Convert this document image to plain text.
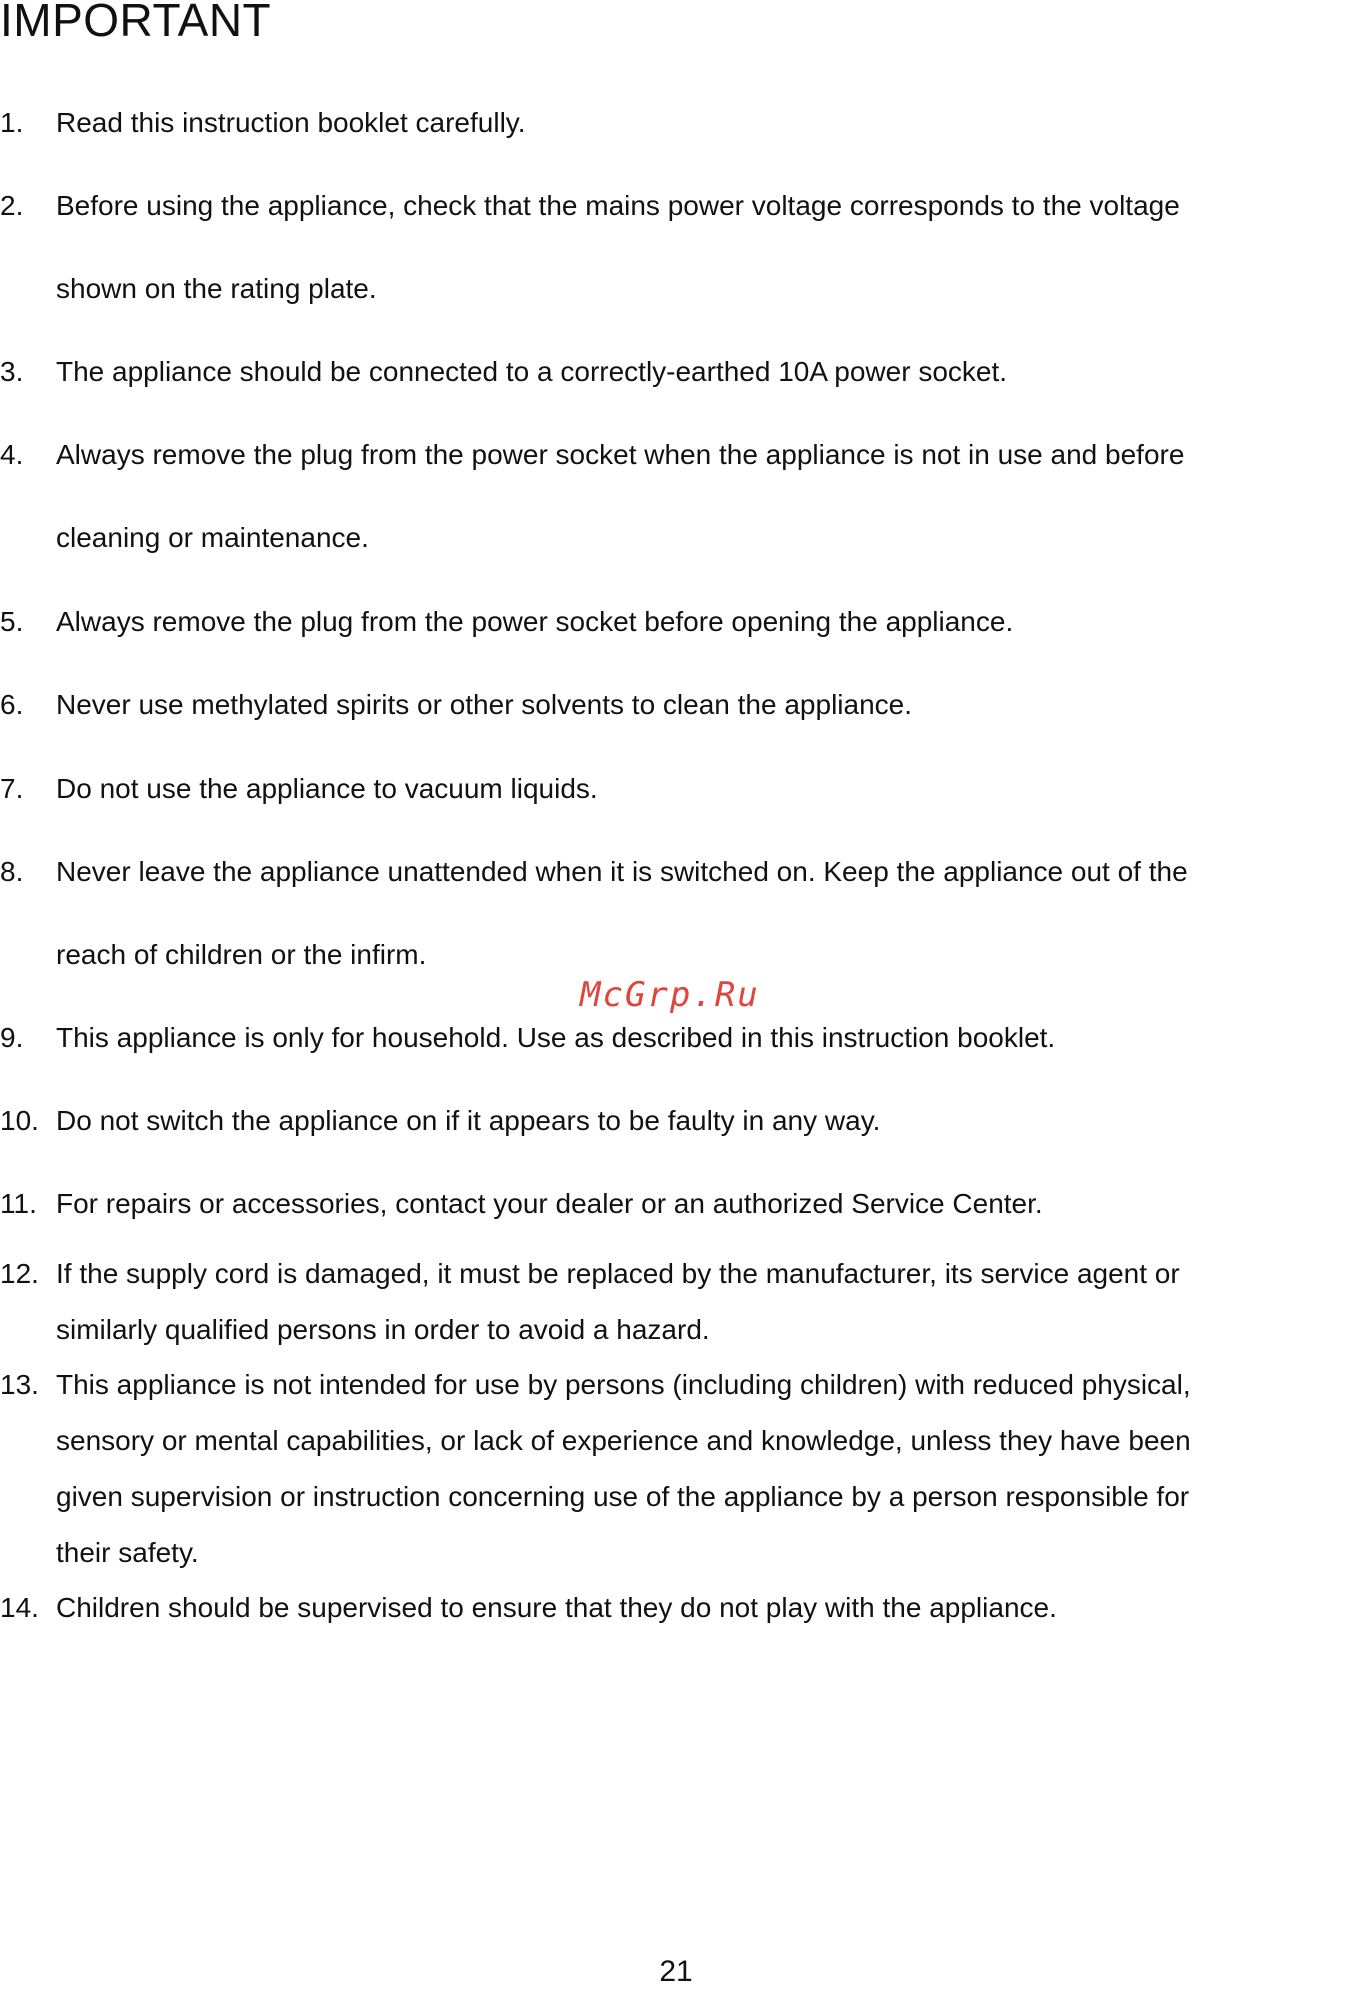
IMPORTANT
1. Read this instruction booklet carefully.
2. Before using the appliance, check that the mains power voltage corresponds to the voltage
shown on the rating plate.
3. The appliance should be connected to a correctly-earthed 10A power socket.
4. Always remove the plug from the power socket when the appliance is not in use and before
cleaning or maintenance.
5. Always remove the plug from the power socket before opening the appliance.
6. Never use methylated spirits or other solvents to clean the appliance.
7. Do not use the appliance to vacuum liquids.
8. Never leave the appliance unattended when it is switched on. Keep the appliance out of the
reach of children or the infirm.
9. This appliance is only for household. Use as described in this instruction booklet.
10. Do not switch the appliance on if it appears to be faulty in any way.
11. For repairs or accessories, contact your dealer or an authorized Service Center.
12. If the supply cord is damaged, it must be replaced by the manufacturer, its service agent or
similarly qualified persons in order to avoid a hazard.
13. This appliance is not intended for use by persons (including children) with reduced physical,
sensory or mental capabilities, or lack of experience and knowledge, unless they have been
given supervision or instruction concerning use of the appliance by a person responsible for
their safety.
14. Children should be supervised to ensure that they do not play with the appliance.
McGrp.Ru
21
